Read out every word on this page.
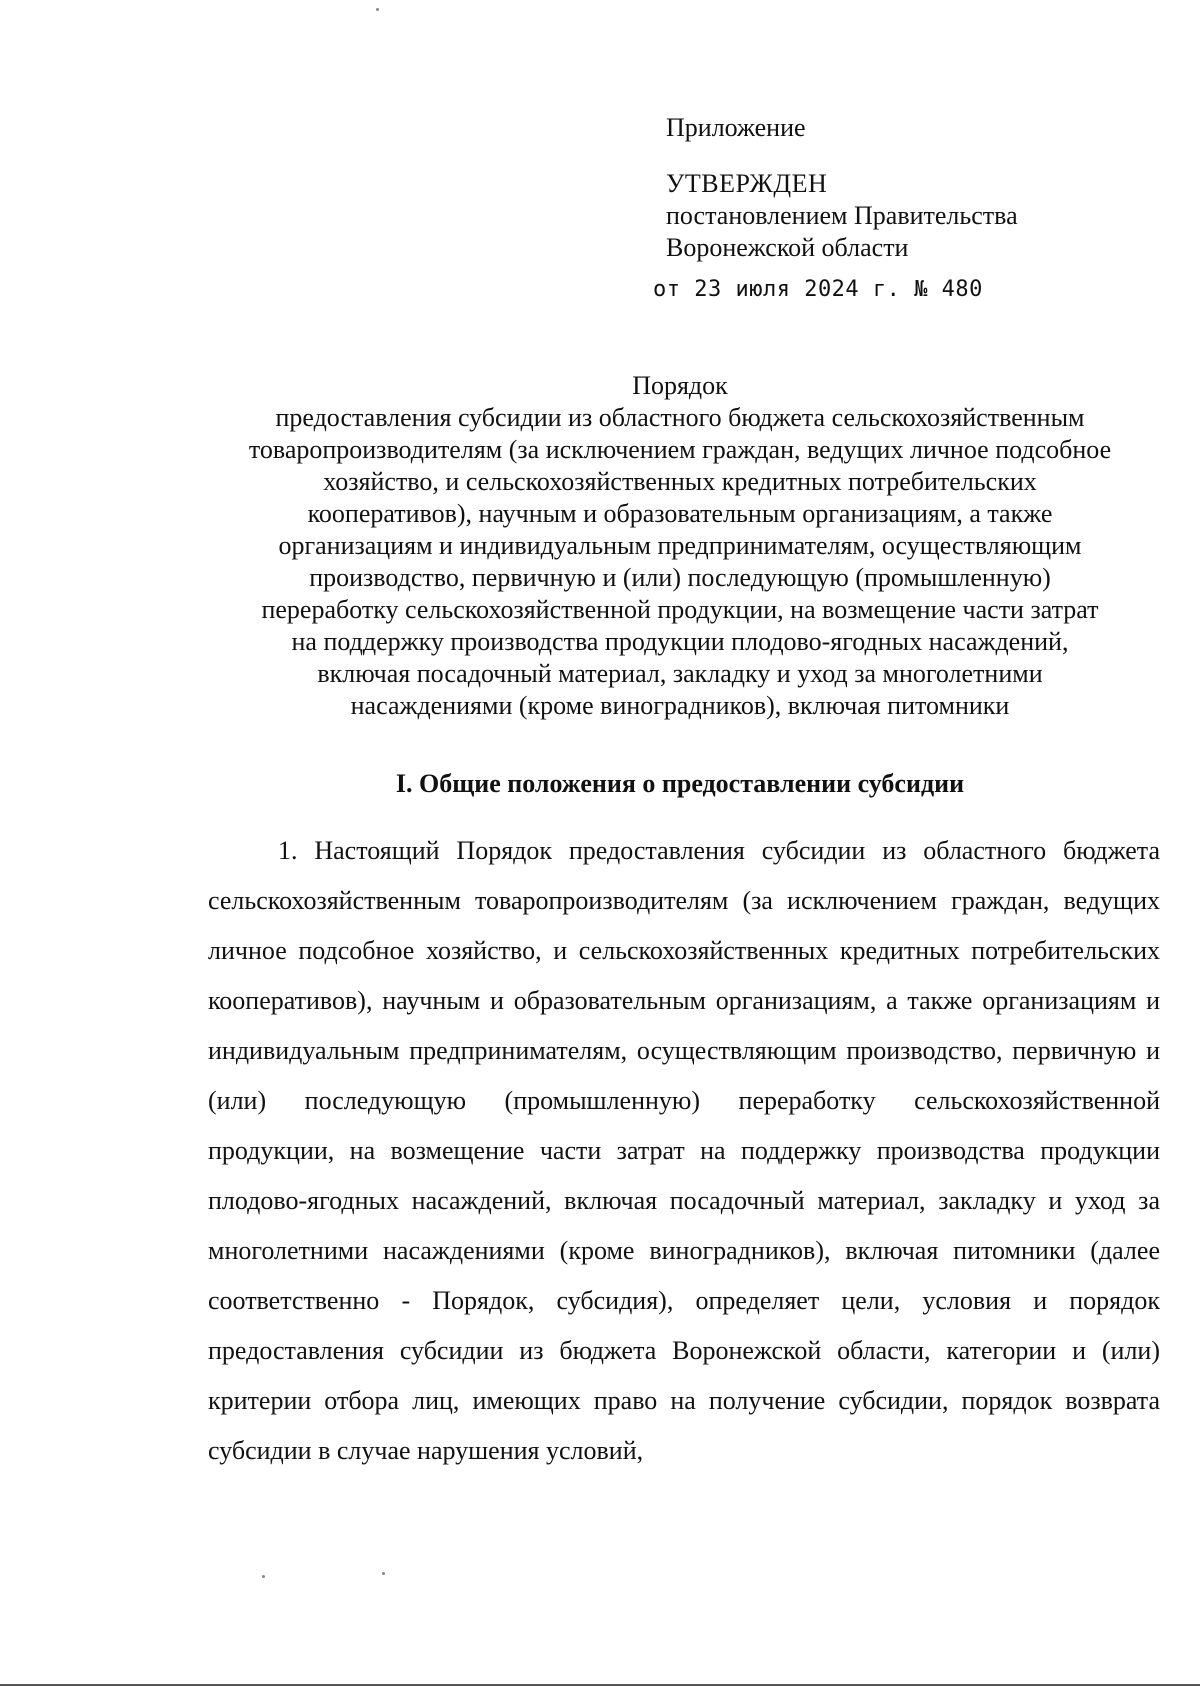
Приложение
УТВЕРЖДЕН
постановлением Правительства
Воронежской области
от 23 июля 2024 г. № 480
Порядок
предоставления субсидии из областного бюджета сельскохозяйственным
товаропроизводителям (за исключением граждан, ведущих личное подсобное
хозяйство, и сельскохозяйственных кредитных потребительских
кооперативов), научным и образовательным организациям, а также
организациям и индивидуальным предпринимателям, осуществляющим
производство, первичную и (или) последующую (промышленную)
переработку сельскохозяйственной продукции, на возмещение части затрат
на поддержку производства продукции плодово-ягодных насаждений,
включая посадочный материал, закладку и уход за многолетними
насаждениями (кроме виноградников), включая питомники
I. Общие положения о предоставлении субсидии

1. Настоящий Порядок предоставления субсидии из областного бюджета сельскохозяйственным товаропроизводителям (за исключением граждан, ведущих личное подсобное хозяйство, и сельскохозяйственных кредитных потребительских кооперативов), научным и образовательным организациям, а также организациям и индивидуальным предпринимателям, осуществляющим производство, первичную и (или) последующую (промышленную) переработку сельскохозяйственной продукции, на возмещение части затрат на поддержку производства продукции плодово-ягодных насаждений, включая посадочный материал, закладку и уход за многолетними насаждениями (кроме виноградников), включая питомники (далее соответственно - Порядок, субсидия), определяет цели, условия и порядок предоставления субсидии из бюджета Воронежской области, категории и (или) критерии отбора лиц, имеющих право на получение субсидии, порядок возврата субсидии в случае нарушения условий,
